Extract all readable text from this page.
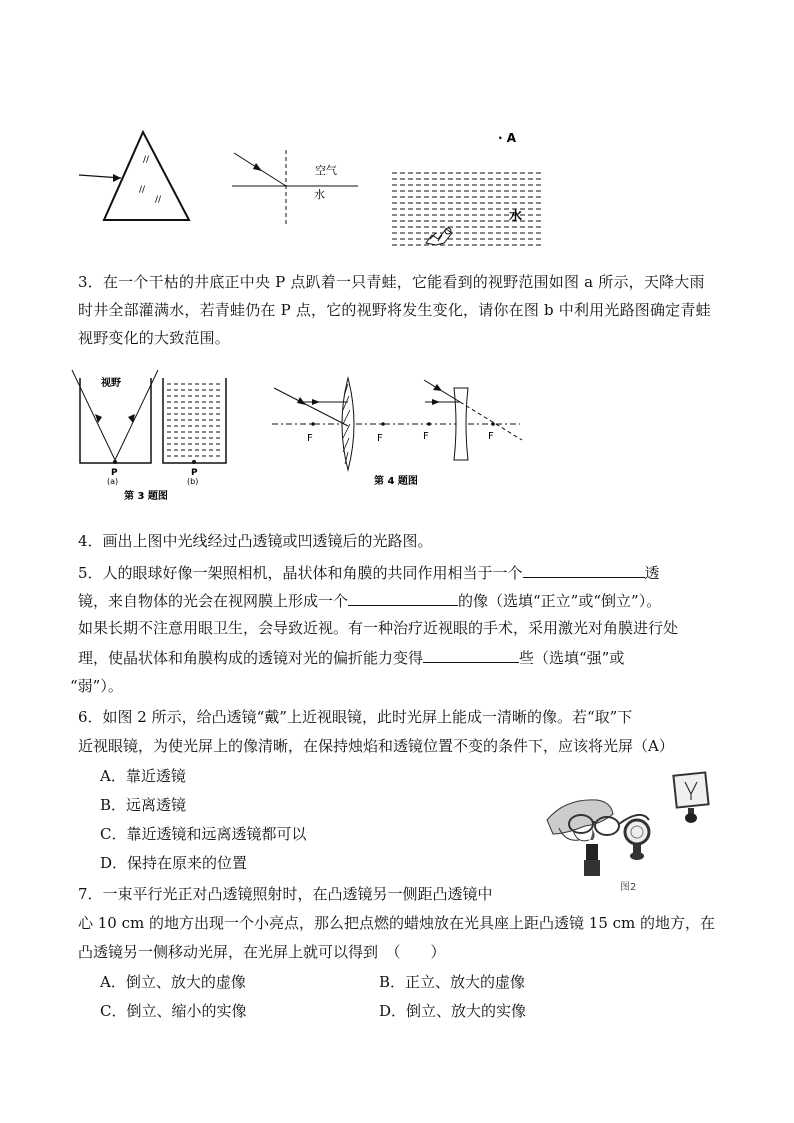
//
//
//
空气
水
· A
水
3．在一个干枯的井底正中央 P 点趴着一只青蛙，它能看到的视野范围如图 a 所示，天降大雨时井全部灌满水，若青蛙仍在 P 点，它的视野将发生变化，请你在图 b 中利用光路图确定青蛙视野变化的大致范围。
视野
P
(a)
P
(b)
第 3 题图
F	F	F	F
第 4 题图
4．画出上图中光线经过凸透镜或凹透镜后的光路图。
5．人的眼球好像一架照相机，晶状体和角膜的共同作用相当于一个	透
镜，来自物体的光会在视网膜上形成一个	的像（选填“正立”或“倒立”）。
如果长期不注意用眼卫生，会导致近视。有一种治疗近视眼的手术，采用激光对角膜进行处
理，使晶状体和角膜构成的透镜对光的偏折能力变得	些（选填“强”或
“弱”）。
6．如图 2 所示，给凸透镜“戴”上近视眼镜，此时光屏上能成一清晰的像。若“取”下
近视眼镜，为使光屏上的像清晰，在保持烛焰和透镜位置不变的条件下，应该将光屏（A）
A．靠近透镜
B．远离透镜
C．靠近透镜和远离透镜都可以
D．保持在原来的位置
图2
7．一束平行光正对凸透镜照射时，在凸透镜另一侧距凸透镜中
心 10 cm 的地方出现一个小亮点，那么把点燃的蜡烛放在光具座上距凸透镜 15 cm 的地方，在
凸透镜另一侧移动光屏，在光屏上就可以得到　（　　）
A．倒立、放大的虚像	B．正立、放大的虚像
C．倒立、缩小的实像	D．倒立、放大的实像
